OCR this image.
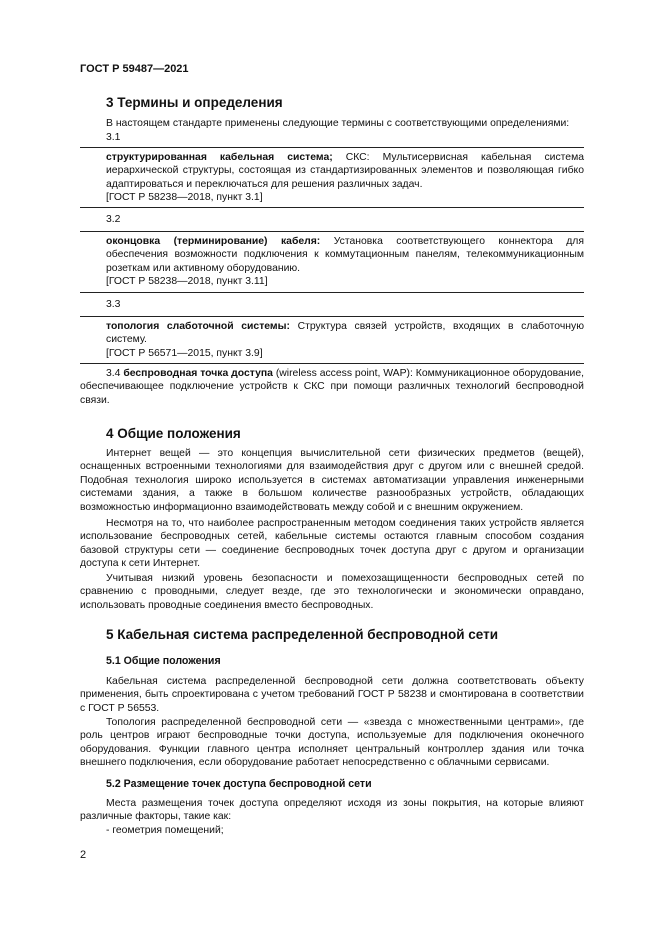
ГОСТ Р 59487—2021
3 Термины и определения
В настоящем стандарте применены следующие термины с соответствующими определениями:
3.1
структурированная кабельная система; СКС: Мультисервисная кабельная система иерархической структуры, состоящая из стандартизированных элементов и позволяющая гибко адаптироваться и переключаться для решения различных задач.
[ГОСТ Р 58238—2018, пункт 3.1]
3.2
оконцовка (терминирование) кабеля: Установка соответствующего коннектора для обеспечения возможности подключения к коммутационным панелям, телекоммуникационным розеткам или активному оборудованию.
[ГОСТ Р 58238—2018, пункт 3.11]
3.3
топология слаботочной системы: Структура связей устройств, входящих в слаботочную систему.
[ГОСТ Р 56571—2015, пункт 3.9]
3.4 беспроводная точка доступа (wireless access point, WAP): Коммуникационное оборудование, обеспечивающее подключение устройств к СКС при помощи различных технологий беспроводной связи.
4 Общие положения
Интернет вещей — это концепция вычислительной сети физических предметов (вещей), оснащенных встроенными технологиями для взаимодействия друг с другом или с внешней средой. Подобная технология широко используется в системах автоматизации управления инженерными системами здания, а также в большом количестве разнообразных устройств, обладающих возможностью информационно взаимодействовать между собой и с внешним окружением.
Несмотря на то, что наиболее распространенным методом соединения таких устройств является использование беспроводных сетей, кабельные системы остаются главным способом создания базовой структуры сети — соединение беспроводных точек доступа друг с другом и организации доступа к сети Интернет.
Учитывая низкий уровень безопасности и помехозащищенности беспроводных сетей по сравнению с проводными, следует везде, где это технологически и экономически оправдано, использовать проводные соединения вместо беспроводных.
5 Кабельная система распределенной беспроводной сети
5.1 Общие положения
Кабельная система распределенной беспроводной сети должна соответствовать объекту применения, быть спроектирована с учетом требований ГОСТ Р 58238 и смонтирована в соответствии с ГОСТ Р 56553.
Топология распределенной беспроводной сети — «звезда с множественными центрами», где роль центров играют беспроводные точки доступа, используемые для подключения оконечного оборудования. Функции главного центра исполняет центральный контроллер здания или точка внешнего подключения, если оборудование работает непосредственно с облачными сервисами.
5.2 Размещение точек доступа беспроводной сети
Места размещения точек доступа определяют исходя из зоны покрытия, на которые влияют различные факторы, такие как:
- геометрия помещений;
2
